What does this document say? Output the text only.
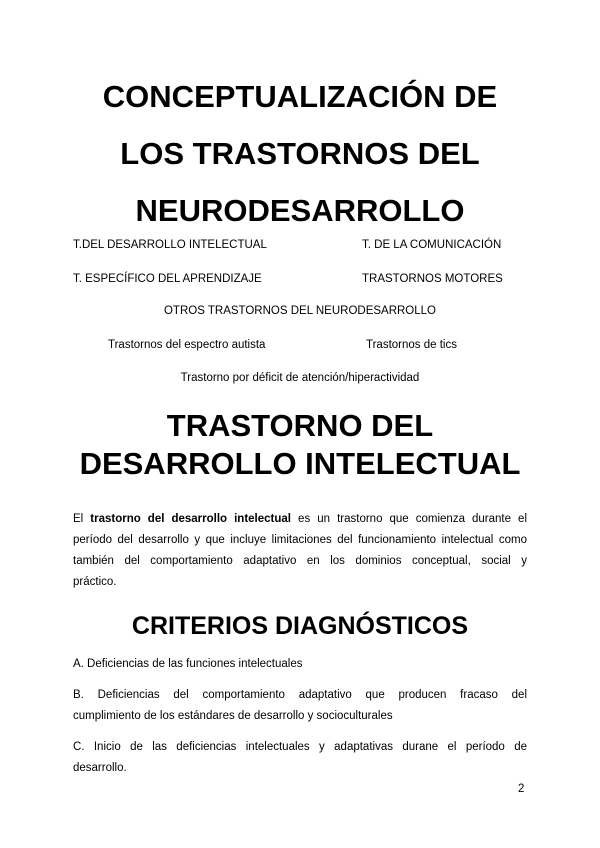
CONCEPTUALIZACIÓN DE
LOS TRASTORNOS DEL
NEURODESARROLLO

T.DEL DESARROLLO INTELECTUAL	T. DE LA COMUNICACIÓN

T. ESPECÍFICO DEL APRENDIZAJE	TRASTORNOS MOTORES

OTROS TRASTORNOS DEL NEURODESARROLLO

Trastornos del espectro autista	Trastornos de tics

Trastorno por déficit de atención/hiperactividad

TRASTORNO DEL
DESARROLLO INTELECTUAL

El trastorno del desarrollo intelectual es un trastorno que comienza durante el
período del desarrollo y que incluye limitaciones del funcionamiento intelectual como
también del comportamiento adaptativo en los dominios conceptual, social y
práctico.

CRITERIOS DIAGNÓSTICOS

A. Deficiencias de las funciones intelectuales

B. Deficiencias del comportamiento adaptativo que producen fracaso del
cumplimiento de los estándares de desarrollo y socioculturales

C. Inicio de las deficiencias intelectuales y adaptativas durane el período de
desarrollo.

2
